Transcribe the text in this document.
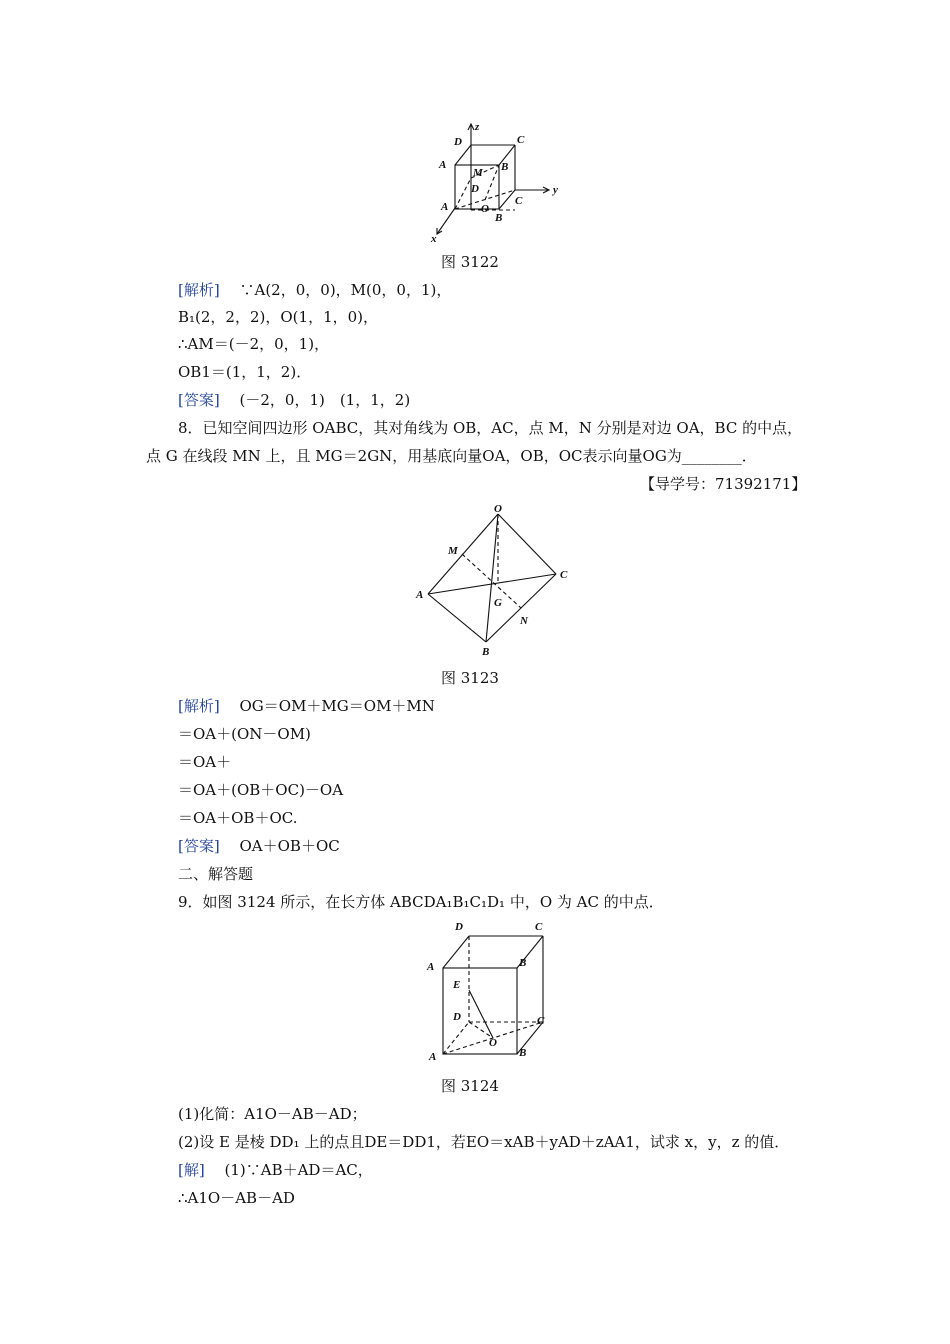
z
y
x
D	C
A	B
M
D
A	O
B
C
图 3122
[解析]　 ∵A(2，0，0)，M(0，0，1)，
B₁(2，2，2)，O(1，1，0)，
∴AM＝(－2，0，1)，
OB1＝(1，1，2)．
[答案]　 (－2，0，1)　(1，1，2)
8．已知空间四边形 OABC，其对角线为 OB，AC，点 M，N 分别是对边 OA，BC 的中点，
点 G 在线段 MN 上，且 MG＝2GN，用基底向量OA，OB，OC表示向量OG为________．
【导学号：71392171】
O
M
C
A
G
N
B
图 3123
[解析]　 OG＝OM＋MG＝OM＋MN
＝OA＋(ON－OM)
＝OA＋
＝OA＋(OB＋OC)－OA
＝OA＋OB＋OC.
[答案]　 OA＋OB＋OC
二、解答题
9．如图 3124 所示，在长方体 ABCDA₁B₁C₁D₁ 中，O 为 AC 的中点．
D	C
A	B
E
D	C
O
A	B
图 3124
(1)化简：A1O－AB－AD；
(2)设 E 是棱 DD₁ 上的点且DE＝DD1，若EO＝xAB＋yAD＋zAA1，试求 x，y，z 的值．
[解]　 (1)∵AB＋AD＝AC，
∴A1O－AB－AD
